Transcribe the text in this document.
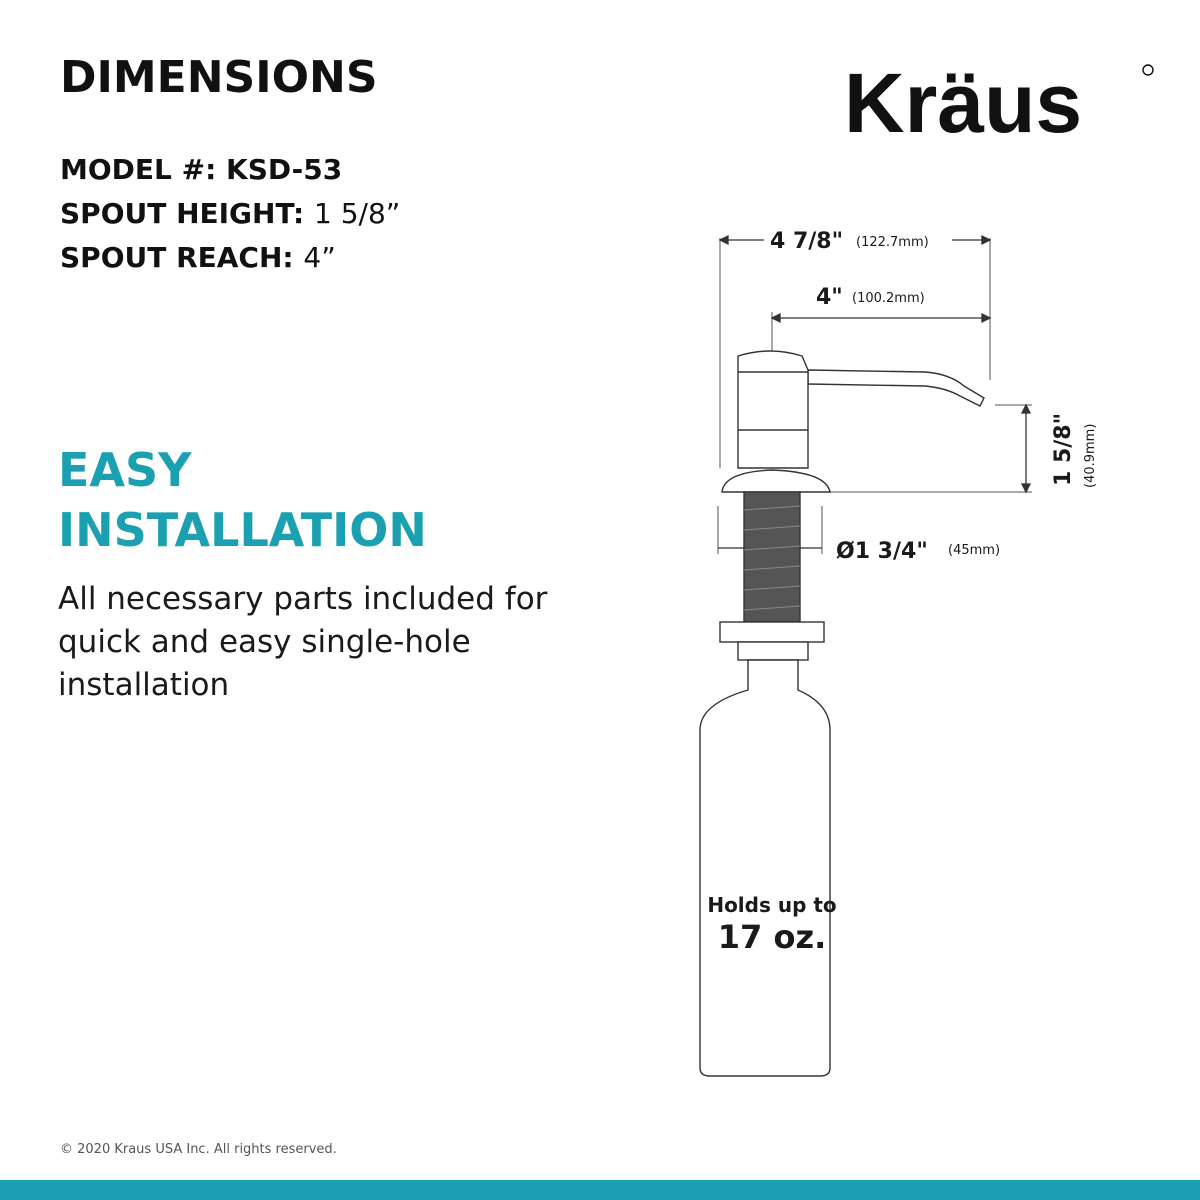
DIMENSIONS	Kräus
MODEL #: KSD-53
SPOUT HEIGHT: 1 5/8”
SPOUT REACH: 4”
EASY
INSTALLATION
All necessary parts included for quick and easy single-hole installation
4 7/8" (122.7mm)
4" (100.2mm)
1 5/8" (40.9mm)
Ø1 3/4" (45mm)
Holds up to
17 oz.
© 2020 Kraus USA Inc. All rights reserved.
